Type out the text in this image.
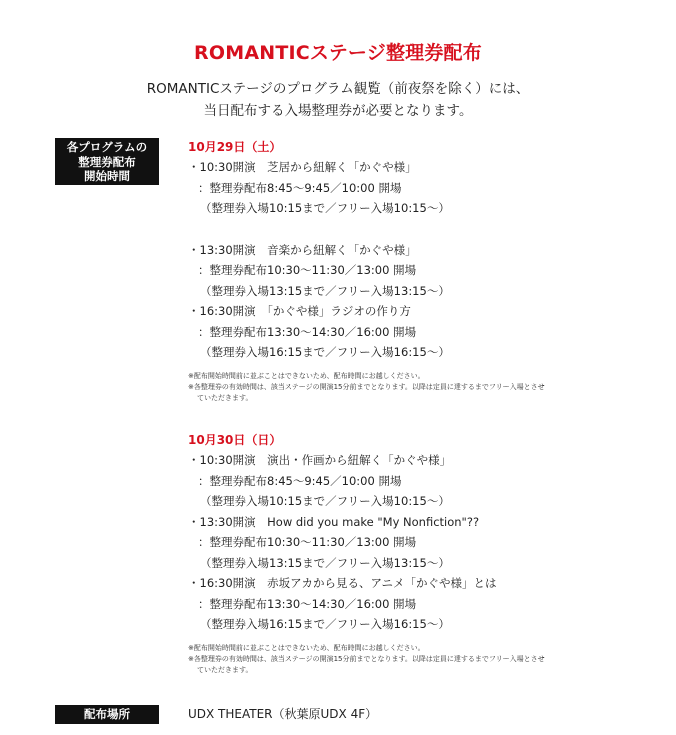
ROMANTICステージ整理券配布
ROMANTICステージのプログラム観覧（前夜祭を除く）には、
当日配布する入場整理券が必要となります。
各プログラムの
整理券配布
開始時間
10月29日（土）
・10:30開演　芝居から紐解く「かぐや様」
：整理券配布8:45～9:45／10:00 開場
（整理券入場10:15まで／フリー入場10:15～）
・13:30開演　音楽から紐解く「かぐや様」
：整理券配布10:30～11:30／13:00 開場
（整理券入場13:15まで／フリー入場13:15～）
・16:30開演　「かぐや様」ラジオの作り方
：整理券配布13:30～14:30／16:00 開場
（整理券入場16:15まで／フリー入場16:15～）
※配布開始時間前に並ぶことはできないため、配布時間にお越しください。
※各整理券の有効時間は、該当ステージの開演15分前までとなります。以降は定員に達するまでフリー入場とさせ
ていただきます。
10月30日（日）
・10:30開演　演出・作画から紐解く「かぐや様」
：整理券配布8:45～9:45／10:00 開場
（整理券入場10:15まで／フリー入場10:15～）
・13:30開演　How did you make "My Nonfiction"??
：整理券配布10:30～11:30／13:00 開場
（整理券入場13:15まで／フリー入場13:15～）
・16:30開演　赤坂アカから見る、アニメ「かぐや様」とは
：整理券配布13:30～14:30／16:00 開場
（整理券入場16:15まで／フリー入場16:15～）
※配布開始時間前に並ぶことはできないため、配布時間にお越しください。
※各整理券の有効時間は、該当ステージの開演15分前までとなります。以降は定員に達するまでフリー入場とさせ
ていただきます。
配布場所	UDX THEATER（秋葉原UDX 4F）
